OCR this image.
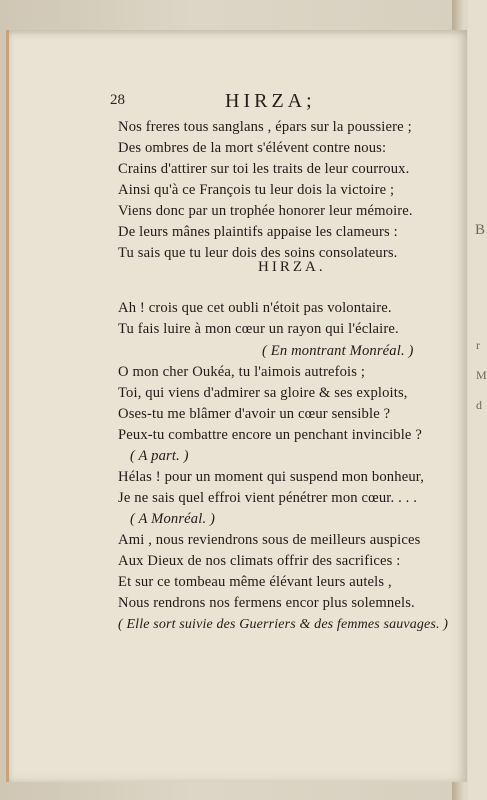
B
r
M
d
28	HIRZA;
Nos freres tous sanglans , épars sur la poussiere ;
Des ombres de la mort s'élévent contre nous:
Crains d'attirer sur toi les traits de leur courroux.
Ainsi qu'à ce François tu leur dois la victoire ;
Viens donc par un trophée honorer leur mémoire.
De leurs mânes plaintifs appaise les clameurs :
Tu sais que tu leur dois des soins consolateurs.
HIRZA.
Ah ! crois que cet oubli n'étoit pas volontaire.
Tu fais luire à mon cœur un rayon qui l'éclaire.
( En montrant Monréal. )
O mon cher Oukéa, tu l'aimois autrefois ;
Toi, qui viens d'admirer sa gloire & ses exploits,
Oses-tu me blâmer d'avoir un cœur sensible ?
Peux-tu combattre encore un penchant invincible ?
( A part. )
Hélas ! pour un moment qui suspend mon bonheur,
Je ne sais quel effroi vient pénétrer mon cœur. . . .
( A Monréal. )
Ami , nous reviendrons sous de meilleurs auspices
Aux Dieux de nos climats offrir des sacrifices :
Et sur ce tombeau même élévant leurs autels ,
Nous rendrons nos fermens encor plus solemnels.
( Elle sort suivie des Guerriers & des femmes sauvages. )
